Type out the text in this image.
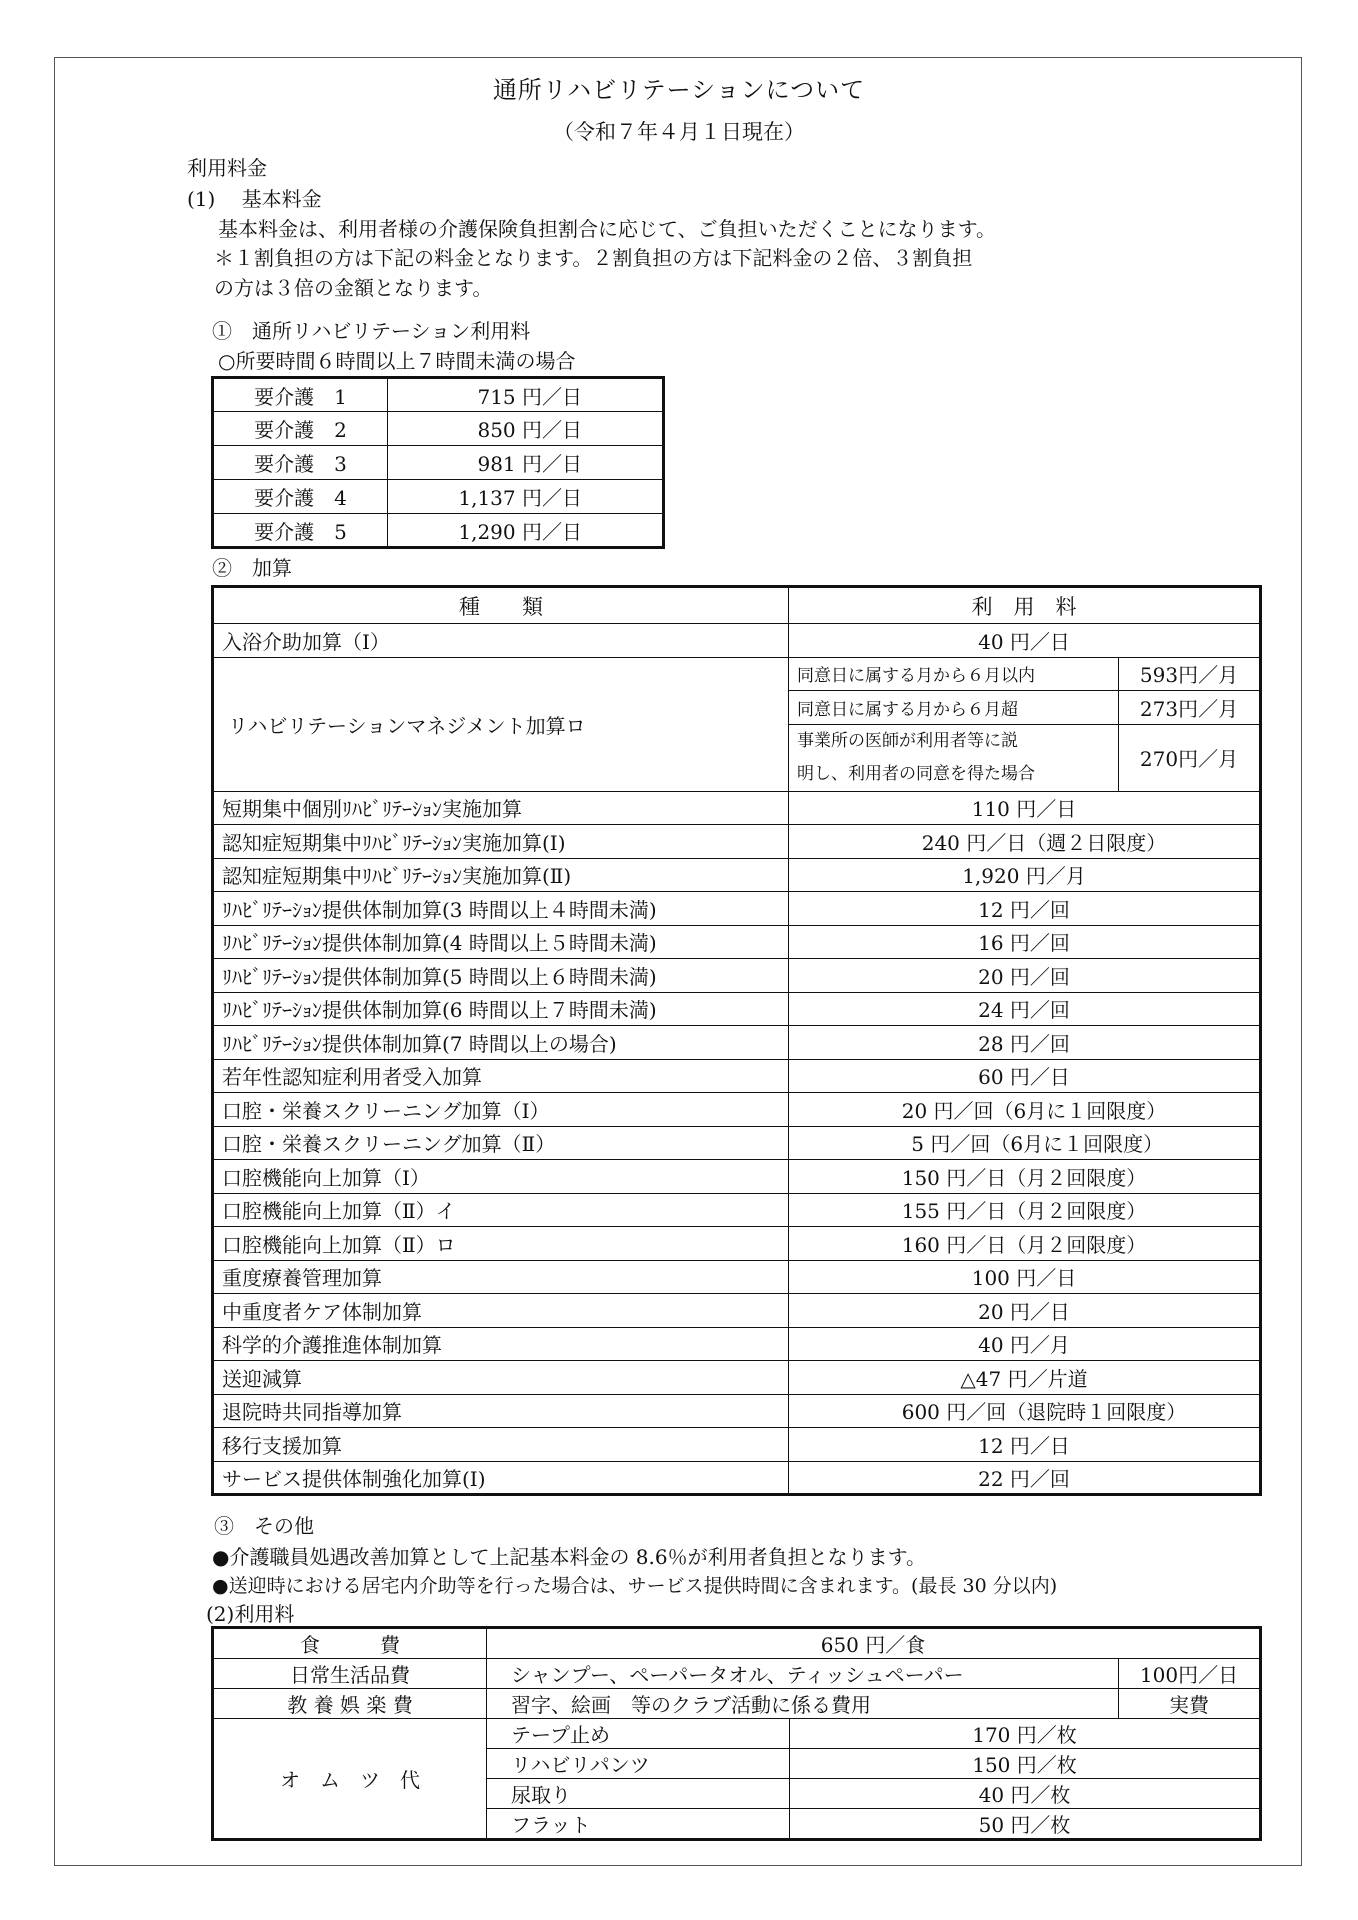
通所リハビリテーションについて
（令和７年４月１日現在）
利用料金
(1)　 基本料金
基本料金は、利用者様の介護保険負担割合に応じて、ご負担いただくことになります。
＊１割負担の方は下記の料金となります。２割負担の方は下記料金の２倍、３割負担
の方は３倍の金額となります。
①　通所リハビリテーション利用料
○所要時間６時間以上７時間未満の場合
要介護　1	715 円／日
要介護　2	850 円／日
要介護　3	981 円／日
要介護　4	1,137 円／日
要介護　5	1,290 円／日
②　加算
種　　類	利　用　料	
入浴介助加算（Ⅰ）	40 円／日	
リハビリテーションマネジメント加算ロ	同意日に属する月から６月以内	593円／月
	同意日に属する月から６月超	273円／月

	事業所の医師が利用者等に説
明し、利用者の同意を得た場合	270円／月
短期集中個別ﾘﾊﾋﾞﾘﾃｰｼｮﾝ実施加算	110 円／日	
認知症短期集中ﾘﾊﾋﾞﾘﾃｰｼｮﾝ実施加算(Ⅰ)	　　240 円／日（週２日限度）	
認知症短期集中ﾘﾊﾋﾞﾘﾃｰｼｮﾝ実施加算(Ⅱ)	1,920 円／月	
ﾘﾊﾋﾞﾘﾃｰｼｮﾝ提供体制加算(3 時間以上４時間未満)	12 円／回	
ﾘﾊﾋﾞﾘﾃｰｼｮﾝ提供体制加算(4 時間以上５時間未満)	16 円／回	
ﾘﾊﾋﾞﾘﾃｰｼｮﾝ提供体制加算(5 時間以上６時間未満)	20 円／回	
ﾘﾊﾋﾞﾘﾃｰｼｮﾝ提供体制加算(6 時間以上７時間未満)	24 円／回	
ﾘﾊﾋﾞﾘﾃｰｼｮﾝ提供体制加算(7 時間以上の場合)	28 円／回	
若年性認知症利用者受入加算	60 円／日	
口腔・栄養スクリーニング加算（Ⅰ）	　20 円／回（6月に１回限度）	
口腔・栄養スクリーニング加算（Ⅱ）	　 5 円／回（6月に１回限度）	
口腔機能向上加算（Ⅰ）	150 円／日（月２回限度）	
口腔機能向上加算（Ⅱ）イ	155 円／日（月２回限度）	
口腔機能向上加算（Ⅱ）ロ	160 円／日（月２回限度）	
重度療養管理加算	100 円／日	
中重度者ケア体制加算	20 円／日	
科学的介護推進体制加算	40 円／月	
送迎減算	△47 円／片道	
退院時共同指導加算	　　600 円／回（退院時１回限度）	
移行支援加算	12 円／日	
サービス提供体制強化加算(Ⅰ)	22 円／回	
③　その他
●介護職員処遇改善加算として上記基本料金の 8.6％が利用者負担となります。
●送迎時における居宅内介助等を行った場合は、サービス提供時間に含まれます。(最長 30 分以内)
(2)利用料
食　　　費	650 円／食		
日常生活品費	シャンプー、ペーパータオル、ティッシュペーパー		100円／日
教 養 娯 楽 費	習字、絵画　等のクラブ活動に係る費用		実費
オ　ム　ツ　代	テープ止め	170 円／枚	
	リハビリパンツ	150 円／枚	
	尿取り	40 円／枚	
	フラット	50 円／枚	
